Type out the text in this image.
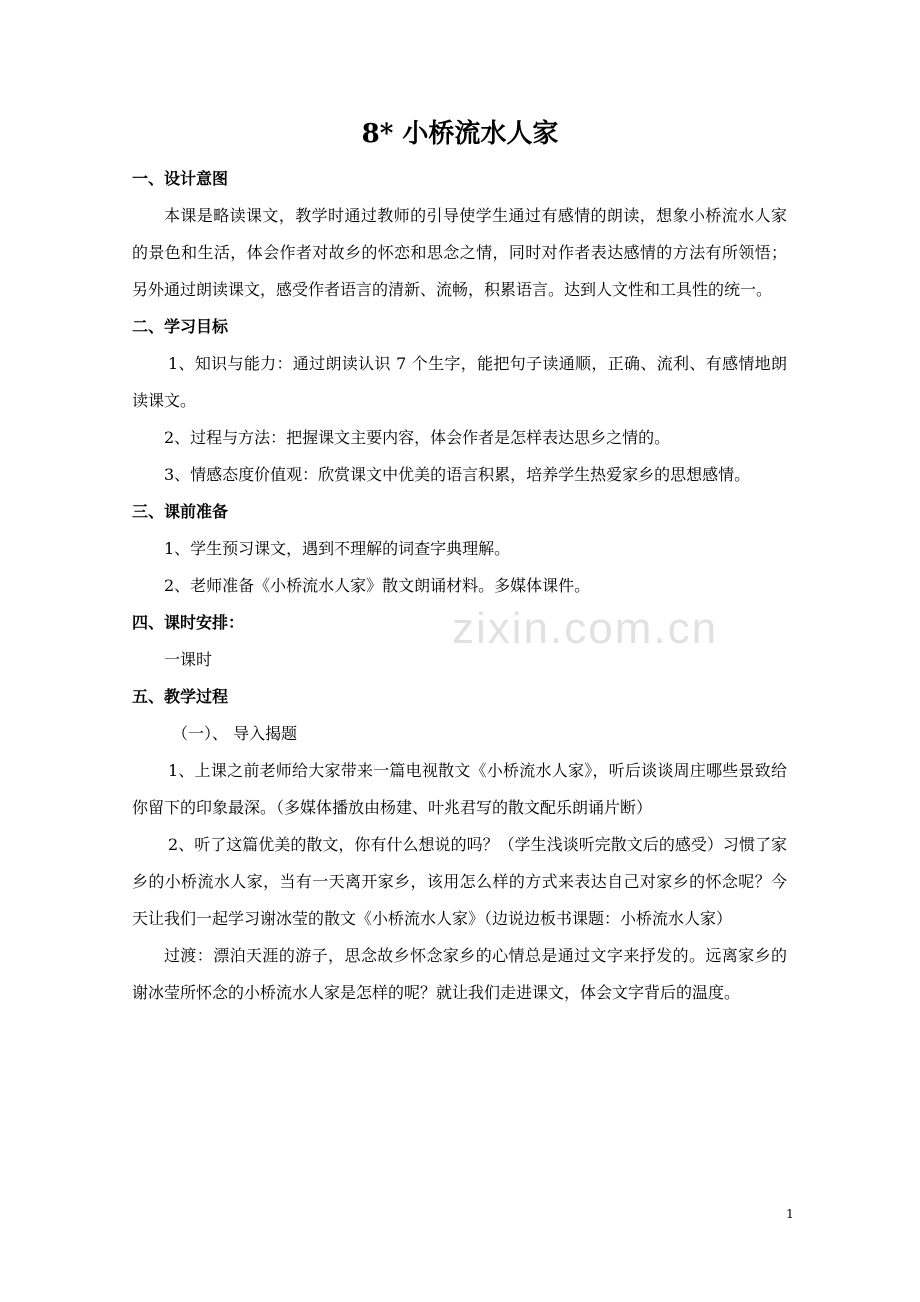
8* 小桥流水人家
一、设计意图

本课是略读课文，教学时通过教师的引导使学生通过有感情的朗读，想象小桥流水人家的景色和生活，体会作者对故乡的怀恋和思念之情，同时对作者表达感情的方法有所领悟；另外通过朗读课文，感受作者语言的清新、流畅，积累语言。达到人文性和工具性的统一。

二、学习目标

1、知识与能力：通过朗读认识 7 个生字，能把句子读通顺，正确、流利、有感情地朗读课文。

2、过程与方法：把握课文主要内容，体会作者是怎样表达思乡之情的。

3、情感态度价值观：欣赏课文中优美的语言积累，培养学生热爱家乡的思想感情。

三、课前准备

1、学生预习课文，遇到不理解的词查字典理解。

2、老师准备《小桥流水人家》散文朗诵材料。多媒体课件。

四、课时安排：

一课时

五、教学过程

（一）、 导入揭题

1、上课之前老师给大家带来一篇电视散文《小桥流水人家》，听后谈谈周庄哪些景致给你留下的印象最深。（多媒体播放由杨建、叶兆君写的散文配乐朗诵片断）

2、听了这篇优美的散文，你有什么想说的吗？（学生浅谈听完散文后的感受）习惯了家乡的小桥流水人家，当有一天离开家乡，该用怎么样的方式来表达自己对家乡的怀念呢？今天让我们一起学习谢冰莹的散文《小桥流水人家》（边说边板书课题：小桥流水人家）

过渡：漂泊天涯的游子，思念故乡怀念家乡的心情总是通过文字来抒发的。远离家乡的谢冰莹所怀念的小桥流水人家是怎样的呢？就让我们走进课文，体会文字背后的温度。

zixin.com.cn
1
